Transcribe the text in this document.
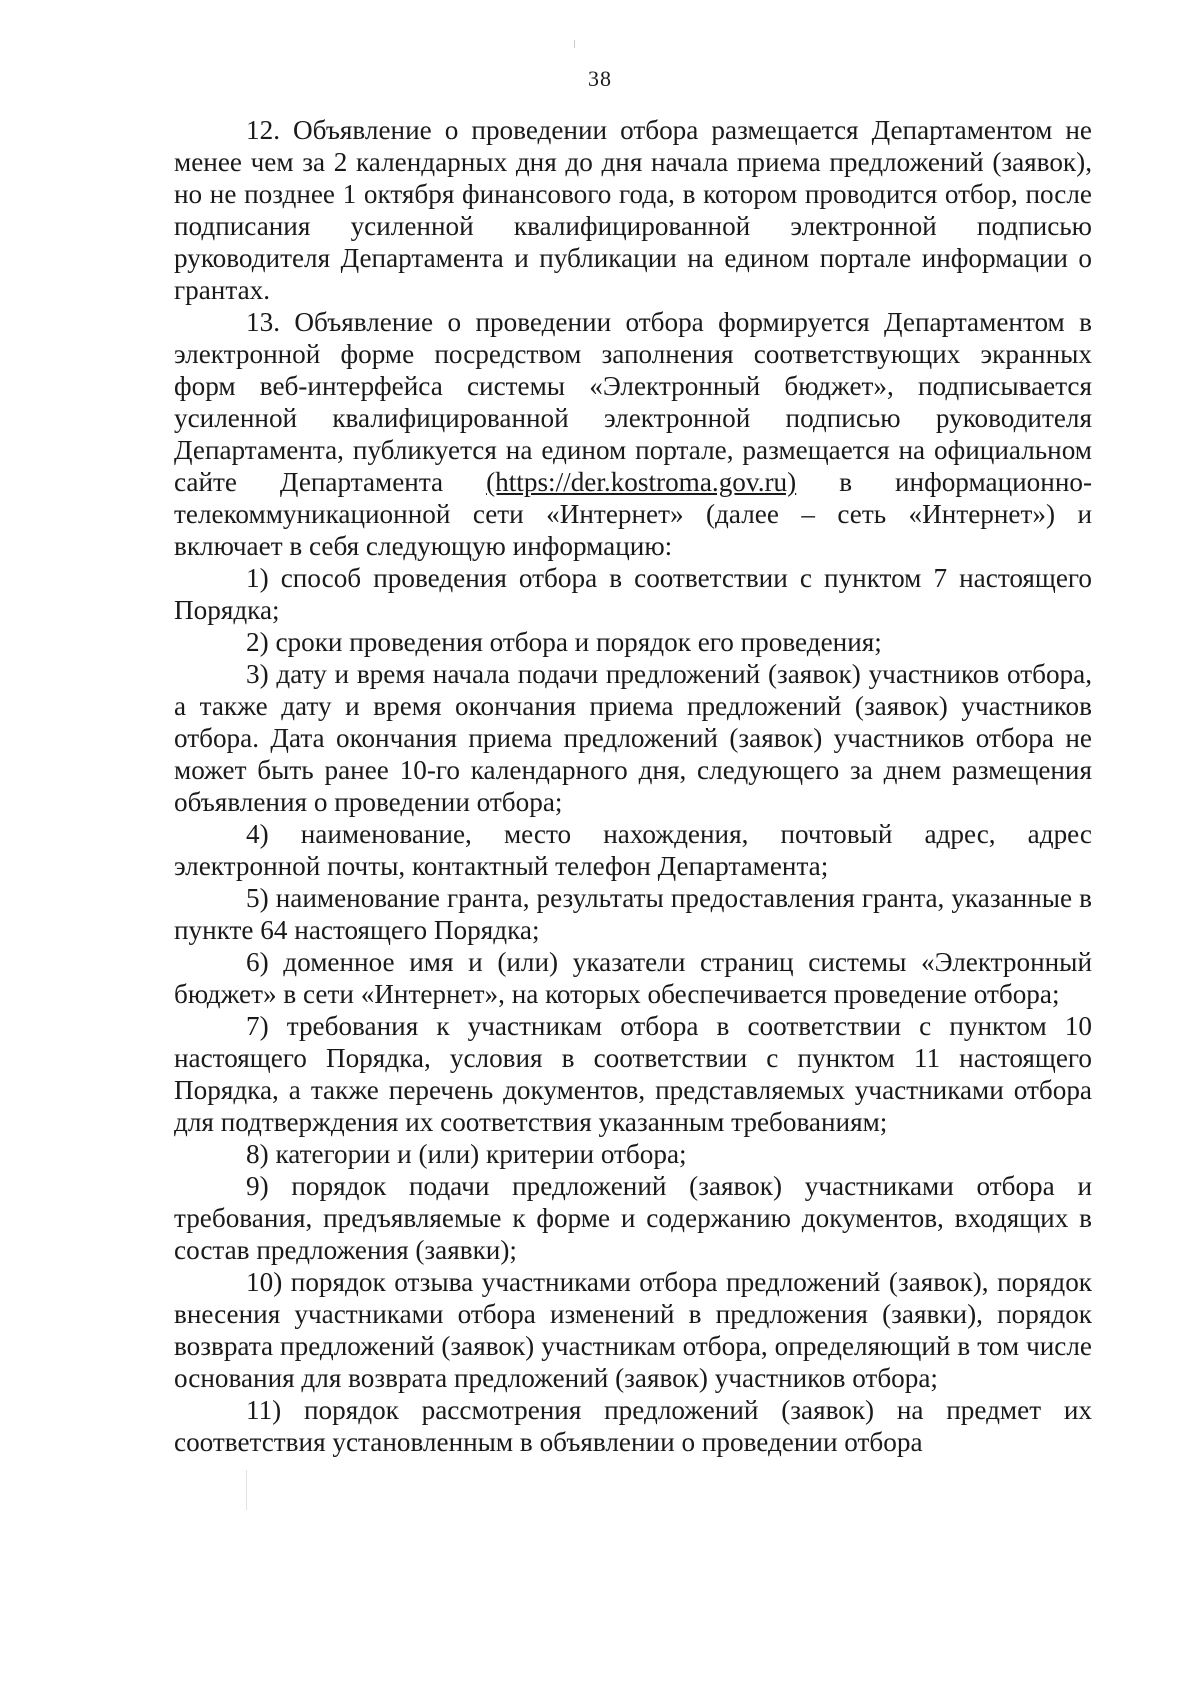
38

12. Объявление о проведении отбора размещается Департаментом не менее чем за 2 календарных дня до дня начала приема предложений (заявок), но не позднее 1 октября финансового года, в котором проводится отбор, после подписания усиленной квалифицированной электронной подписью руководителя Департамента и публикации на едином портале информации о грантах.

13. Объявление о проведении отбора формируется Департаментом в электронной форме посредством заполнения соответствующих экранных форм веб-интерфейса системы «Электронный бюджет», подписывается усиленной квалифицированной электронной подписью руководителя Департамента, публикуется на едином портале, размещается на официальном сайте Департамента (https://der.kostroma.gov.ru) в информационно-телекоммуникационной сети «Интернет» (далее – сеть «Интернет») и включает в себя следующую информацию:

1) способ проведения отбора в соответствии с пунктом 7 настоящего Порядка;

2) сроки проведения отбора и порядок его проведения;

3) дату и время начала подачи предложений (заявок) участников отбора, а также дату и время окончания приема предложений (заявок) участников отбора. Дата окончания приема предложений (заявок) участников отбора не может быть ранее 10-го календарного дня, следующего за днем размещения объявления о проведении отбора;

4) наименование, место нахождения, почтовый адрес, адрес электронной почты, контактный телефон Департамента;

5) наименование гранта, результаты предоставления гранта, указанные в пункте 64 настоящего Порядка;

6) доменное имя и (или) указатели страниц системы «Электронный бюджет» в сети «Интернет», на которых обеспечивается проведение отбора;

7) требования к участникам отбора в соответствии с пунктом 10 настоящего Порядка, условия в соответствии с пунктом 11 настоящего Порядка, а также перечень документов, представляемых участниками отбора для подтверждения их соответствия указанным требованиям;

8) категории и (или) критерии отбора;

9) порядок подачи предложений (заявок) участниками отбора и требования, предъявляемые к форме и содержанию документов, входящих в состав предложения (заявки);

10) порядок отзыва участниками отбора предложений (заявок), порядок внесения участниками отбора изменений в предложения (заявки), порядок возврата предложений (заявок) участникам отбора, определяющий в том числе основания для возврата предложений (заявок) участников отбора;

11) порядок рассмотрения предложений (заявок) на предмет их соответствия установленным в объявлении о проведении отбора
